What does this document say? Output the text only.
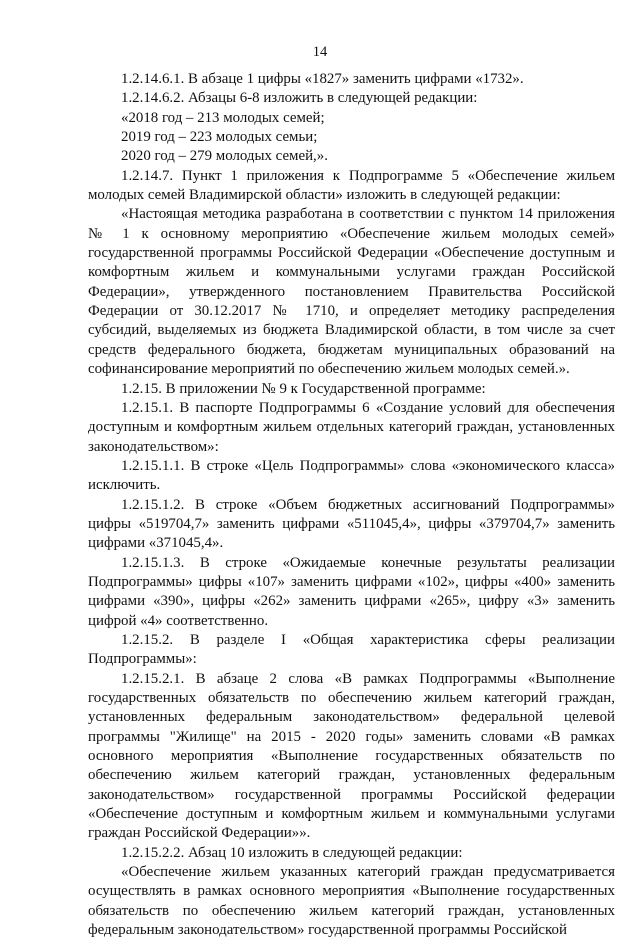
14

1.2.14.6.1. В абзаце 1 цифры «1827» заменить цифрами «1732».

1.2.14.6.2. Абзацы 6-8 изложить в следующей редакции:

«2018 год – 213 молодых семей;

2019 год – 223 молодых семьи;

2020 год – 279 молодых семей,».

1.2.14.7. Пункт 1 приложения к Подпрограмме 5 «Обеспечение жильем молодых семей Владимирской области» изложить в следующей редакции:

«Настоящая методика разработана в соответствии с пунктом 14 приложения № 1 к основному мероприятию «Обеспечение жильем молодых семей» государственной программы Российской Федерации «Обеспечение доступным и комфортным жильем и коммунальными услугами граждан Российской Федерации», утвержденного постановлением Правительства Российской Федерации от 30.12.2017 № 1710, и определяет методику распределения субсидий, выделяемых из бюджета Владимирской области, в том числе за счет средств федерального бюджета, бюджетам муниципальных образований на софинансирование мероприятий по обеспечению жильем молодых семей.».

1.2.15. В приложении № 9 к Государственной программе:

1.2.15.1. В паспорте Подпрограммы 6 «Создание условий для обеспечения доступным и комфортным жильем отдельных категорий граждан, установленных законодательством»:

1.2.15.1.1. В строке «Цель Подпрограммы» слова «экономического класса» исключить.

1.2.15.1.2. В строке «Объем бюджетных ассигнований Подпрограммы» цифры «519704,7» заменить цифрами «511045,4», цифры «379704,7» заменить цифрами «371045,4».

1.2.15.1.3. В строке «Ожидаемые конечные результаты реализации Подпрограммы» цифры «107» заменить цифрами «102», цифры «400» заменить цифрами «390», цифры «262» заменить цифрами «265», цифру «3» заменить цифрой «4» соответственно.

1.2.15.2. В разделе I «Общая характеристика сферы реализации Подпрограммы»:

1.2.15.2.1. В абзаце 2 слова «В рамках Подпрограммы «Выполнение государственных обязательств по обеспечению жильем категорий граждан, установленных федеральным законодательством» федеральной целевой программы "Жилище" на 2015 - 2020 годы» заменить словами «В рамках основного мероприятия «Выполнение государственных обязательств по обеспечению жильем категорий граждан, установленных федеральным законодательством» государственной программы Российской федерации «Обеспечение доступным и комфортным жильем и коммунальными услугами граждан Российской Федерации»».

1.2.15.2.2. Абзац 10 изложить в следующей редакции:

«Обеспечение жильем указанных категорий граждан предусматривается осуществлять в рамках основного мероприятия «Выполнение государственных обязательств по обеспечению жильем категорий граждан, установленных федеральным законодательством» государственной программы Российской
